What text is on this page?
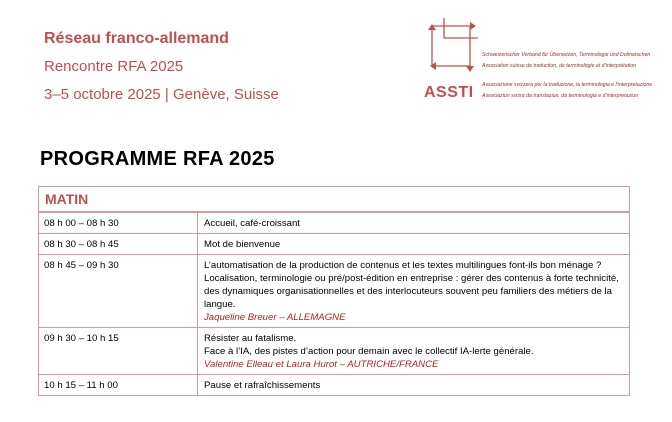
Réseau franco-allemand
Rencontre RFA 2025
3–5 octobre 2025 | Genève, Suisse	ASSTI
Schweizerischer Verband für Übersetzen, Terminologie und Dolmetschen
Association suisse de traduction, de terminologie et d’interprétation
Associazione svizzera per la traduzione, la terminologia e l’interpretazione
Associaziun svizra da translaziun, da terminologia e d’interpretaziun
PROGRAMME RFA 2025
MATIN
08 h 00 – 08 h 30	Accueil, café-croissant
08 h 30 – 08 h 45	Mot de bienvenue
08 h 45 – 09 h 30	L’automatisation de la production de contenus et les textes multilingues font-ils bon ménage ?
Localisation, terminologie ou pré/post-édition en entreprise : gérer des contenus à forte technicité, des dynamiques organisationnelles et des interlocuteurs souvent peu familiers des métiers de la langue.
Jaqueline Breuer – ALLEMAGNE
09 h 30 – 10 h 15	Résister au fatalisme.
Face à l’IA, des pistes d’action pour demain avec le collectif IA-lerte générale.
Valentine Elleau et Laura Hurot – AUTRICHE/FRANCE
10 h 15 – 11 h 00	Pause et rafraîchissements
